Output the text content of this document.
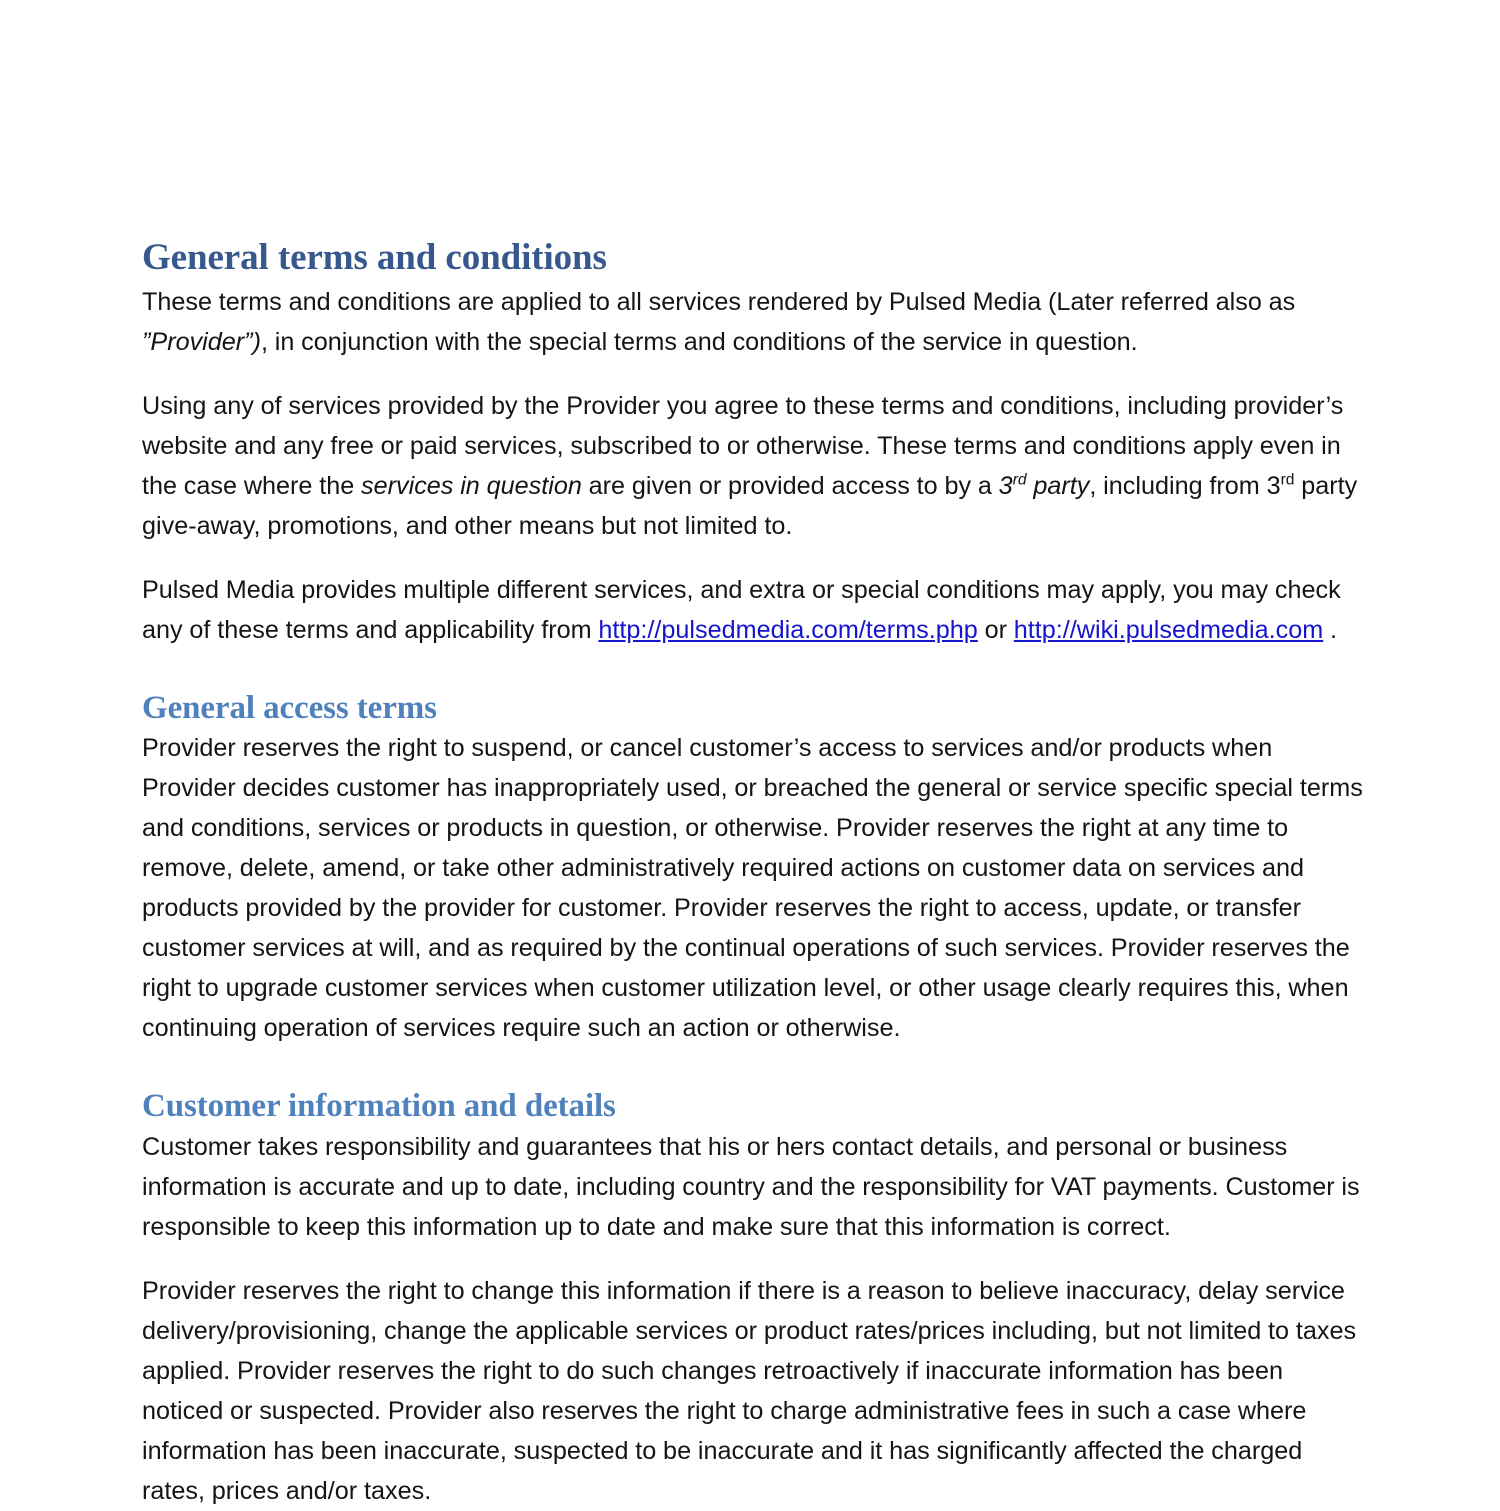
General terms and conditions

These terms and conditions are applied to all services rendered by Pulsed Media (Later referred also as ”Provider”), in conjunction with the special terms and conditions of the service in question.

Using any of services provided by the Provider you agree to these terms and conditions, including provider’s website and any free or paid services, subscribed to or otherwise. These terms and conditions apply even in the case where the services in question are given or provided access to by a 3rd party, including from 3rd party give-away, promotions, and other means but not limited to.

Pulsed Media provides multiple different services, and extra or special conditions may apply, you may check any of these terms and applicability from http://pulsedmedia.com/terms.php or http://wiki.pulsedmedia.com .

General access terms

Provider reserves the right to suspend, or cancel customer’s access to services and/or products when Provider decides customer has inappropriately used, or breached the general or service specific special terms and conditions, services or products in question, or otherwise. Provider reserves the right at any time to remove, delete, amend, or take other administratively required actions on customer data on services and products provided by the provider for customer. Provider reserves the right to access, update, or transfer customer services at will, and as required by the continual operations of such services. Provider reserves the right to upgrade customer services when customer utilization level, or other usage clearly requires this, when continuing operation of services require such an action or otherwise.

Customer information and details

Customer takes responsibility and guarantees that his or hers contact details, and personal or business information is accurate and up to date, including country and the responsibility for VAT payments. Customer is responsible to keep this information up to date and make sure that this information is correct.

Provider reserves the right to change this information if there is a reason to believe inaccuracy, delay service delivery/provisioning, change the applicable services or product rates/prices including, but not limited to taxes applied. Provider reserves the right to do such changes retroactively if inaccurate information has been noticed or suspected. Provider also reserves the right to charge administrative fees in such a case where information has been inaccurate, suspected to be inaccurate and it has significantly affected the charged rates, prices and/or taxes.
